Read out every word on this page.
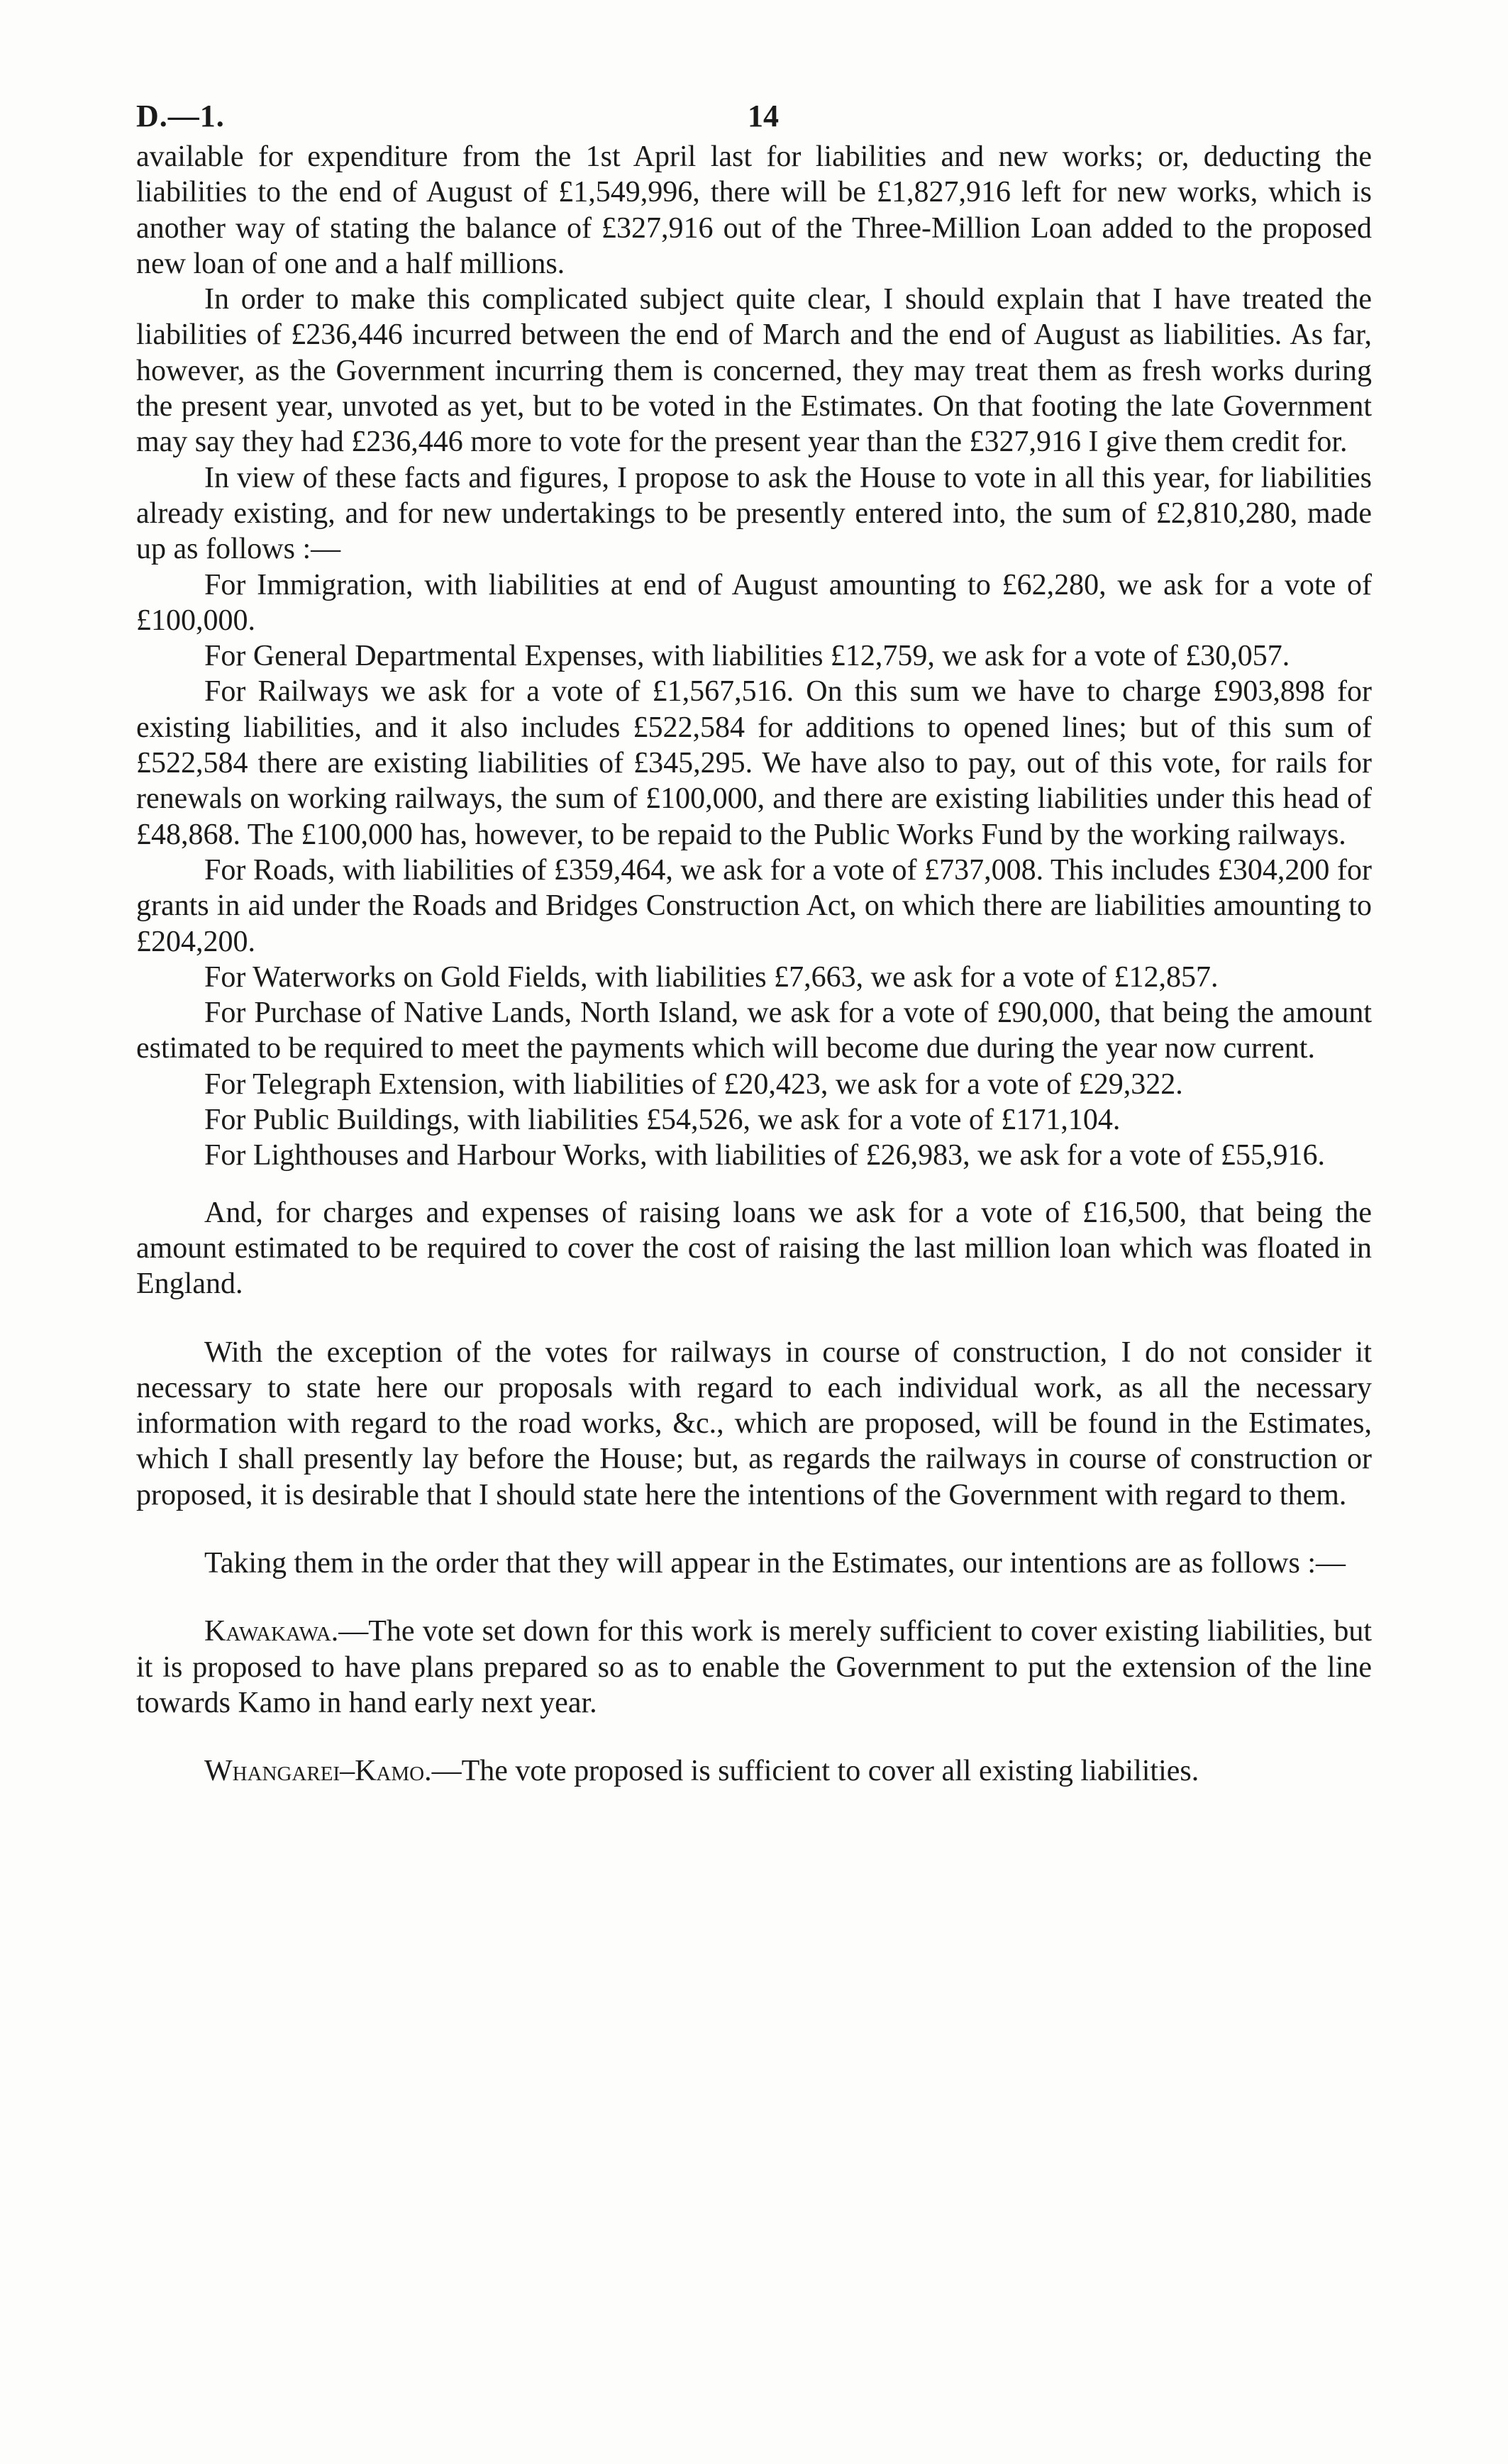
D.—1.	14

available for expenditure from the 1st April last for liabilities and new works; or, deducting the liabilities to the end of August of £1,549,996, there will be £1,827,916 left for new works, which is another way of stating the balance of £327,916 out of the Three-Million Loan added to the proposed new loan of one and a half millions.

In order to make this complicated subject quite clear, I should explain that I have treated the liabilities of £236,446 incurred between the end of March and the end of August as liabilities. As far, however, as the Government incurring them is concerned, they may treat them as fresh works during the present year, unvoted as yet, but to be voted in the Estimates. On that footing the late Government may say they had £236,446 more to vote for the present year than the £327,916 I give them credit for.

In view of these facts and figures, I propose to ask the House to vote in all this year, for liabilities already existing, and for new undertakings to be presently entered into, the sum of £2,810,280, made up as follows :—

For Immigration, with liabilities at end of August amounting to £62,280, we ask for a vote of £100,000.

For General Departmental Expenses, with liabilities £12,759, we ask for a vote of £30,057.

For Railways we ask for a vote of £1,567,516. On this sum we have to charge £903,898 for existing liabilities, and it also includes £522,584 for additions to opened lines; but of this sum of £522,584 there are existing liabilities of £345,295. We have also to pay, out of this vote, for rails for renewals on working railways, the sum of £100,000, and there are existing liabilities under this head of £48,868. The £100,000 has, however, to be repaid to the Public Works Fund by the working railways.

For Roads, with liabilities of £359,464, we ask for a vote of £737,008. This includes £304,200 for grants in aid under the Roads and Bridges Construction Act, on which there are liabilities amounting to £204,200.

For Waterworks on Gold Fields, with liabilities £7,663, we ask for a vote of £12,857.

For Purchase of Native Lands, North Island, we ask for a vote of £90,000, that being the amount estimated to be required to meet the payments which will become due during the year now current.

For Telegraph Extension, with liabilities of £20,423, we ask for a vote of £29,322.

For Public Buildings, with liabilities £54,526, we ask for a vote of £171,104.

For Lighthouses and Harbour Works, with liabilities of £26,983, we ask for a vote of £55,916.

And, for charges and expenses of raising loans we ask for a vote of £16,500, that being the amount estimated to be required to cover the cost of raising the last million loan which was floated in England.

With the exception of the votes for railways in course of construction, I do not consider it necessary to state here our proposals with regard to each individual work, as all the necessary information with regard to the road works, &c., which are proposed, will be found in the Estimates, which I shall presently lay before the House; but, as regards the railways in course of construction or proposed, it is desirable that I should state here the intentions of the Government with regard to them.

Taking them in the order that they will appear in the Estimates, our intentions are as follows :—

Kawakawa.—The vote set down for this work is merely sufficient to cover existing liabilities, but it is proposed to have plans prepared so as to enable the Government to put the extension of the line towards Kamo in hand early next year.

Whangarei–Kamo.—The vote proposed is sufficient to cover all existing liabilities.
